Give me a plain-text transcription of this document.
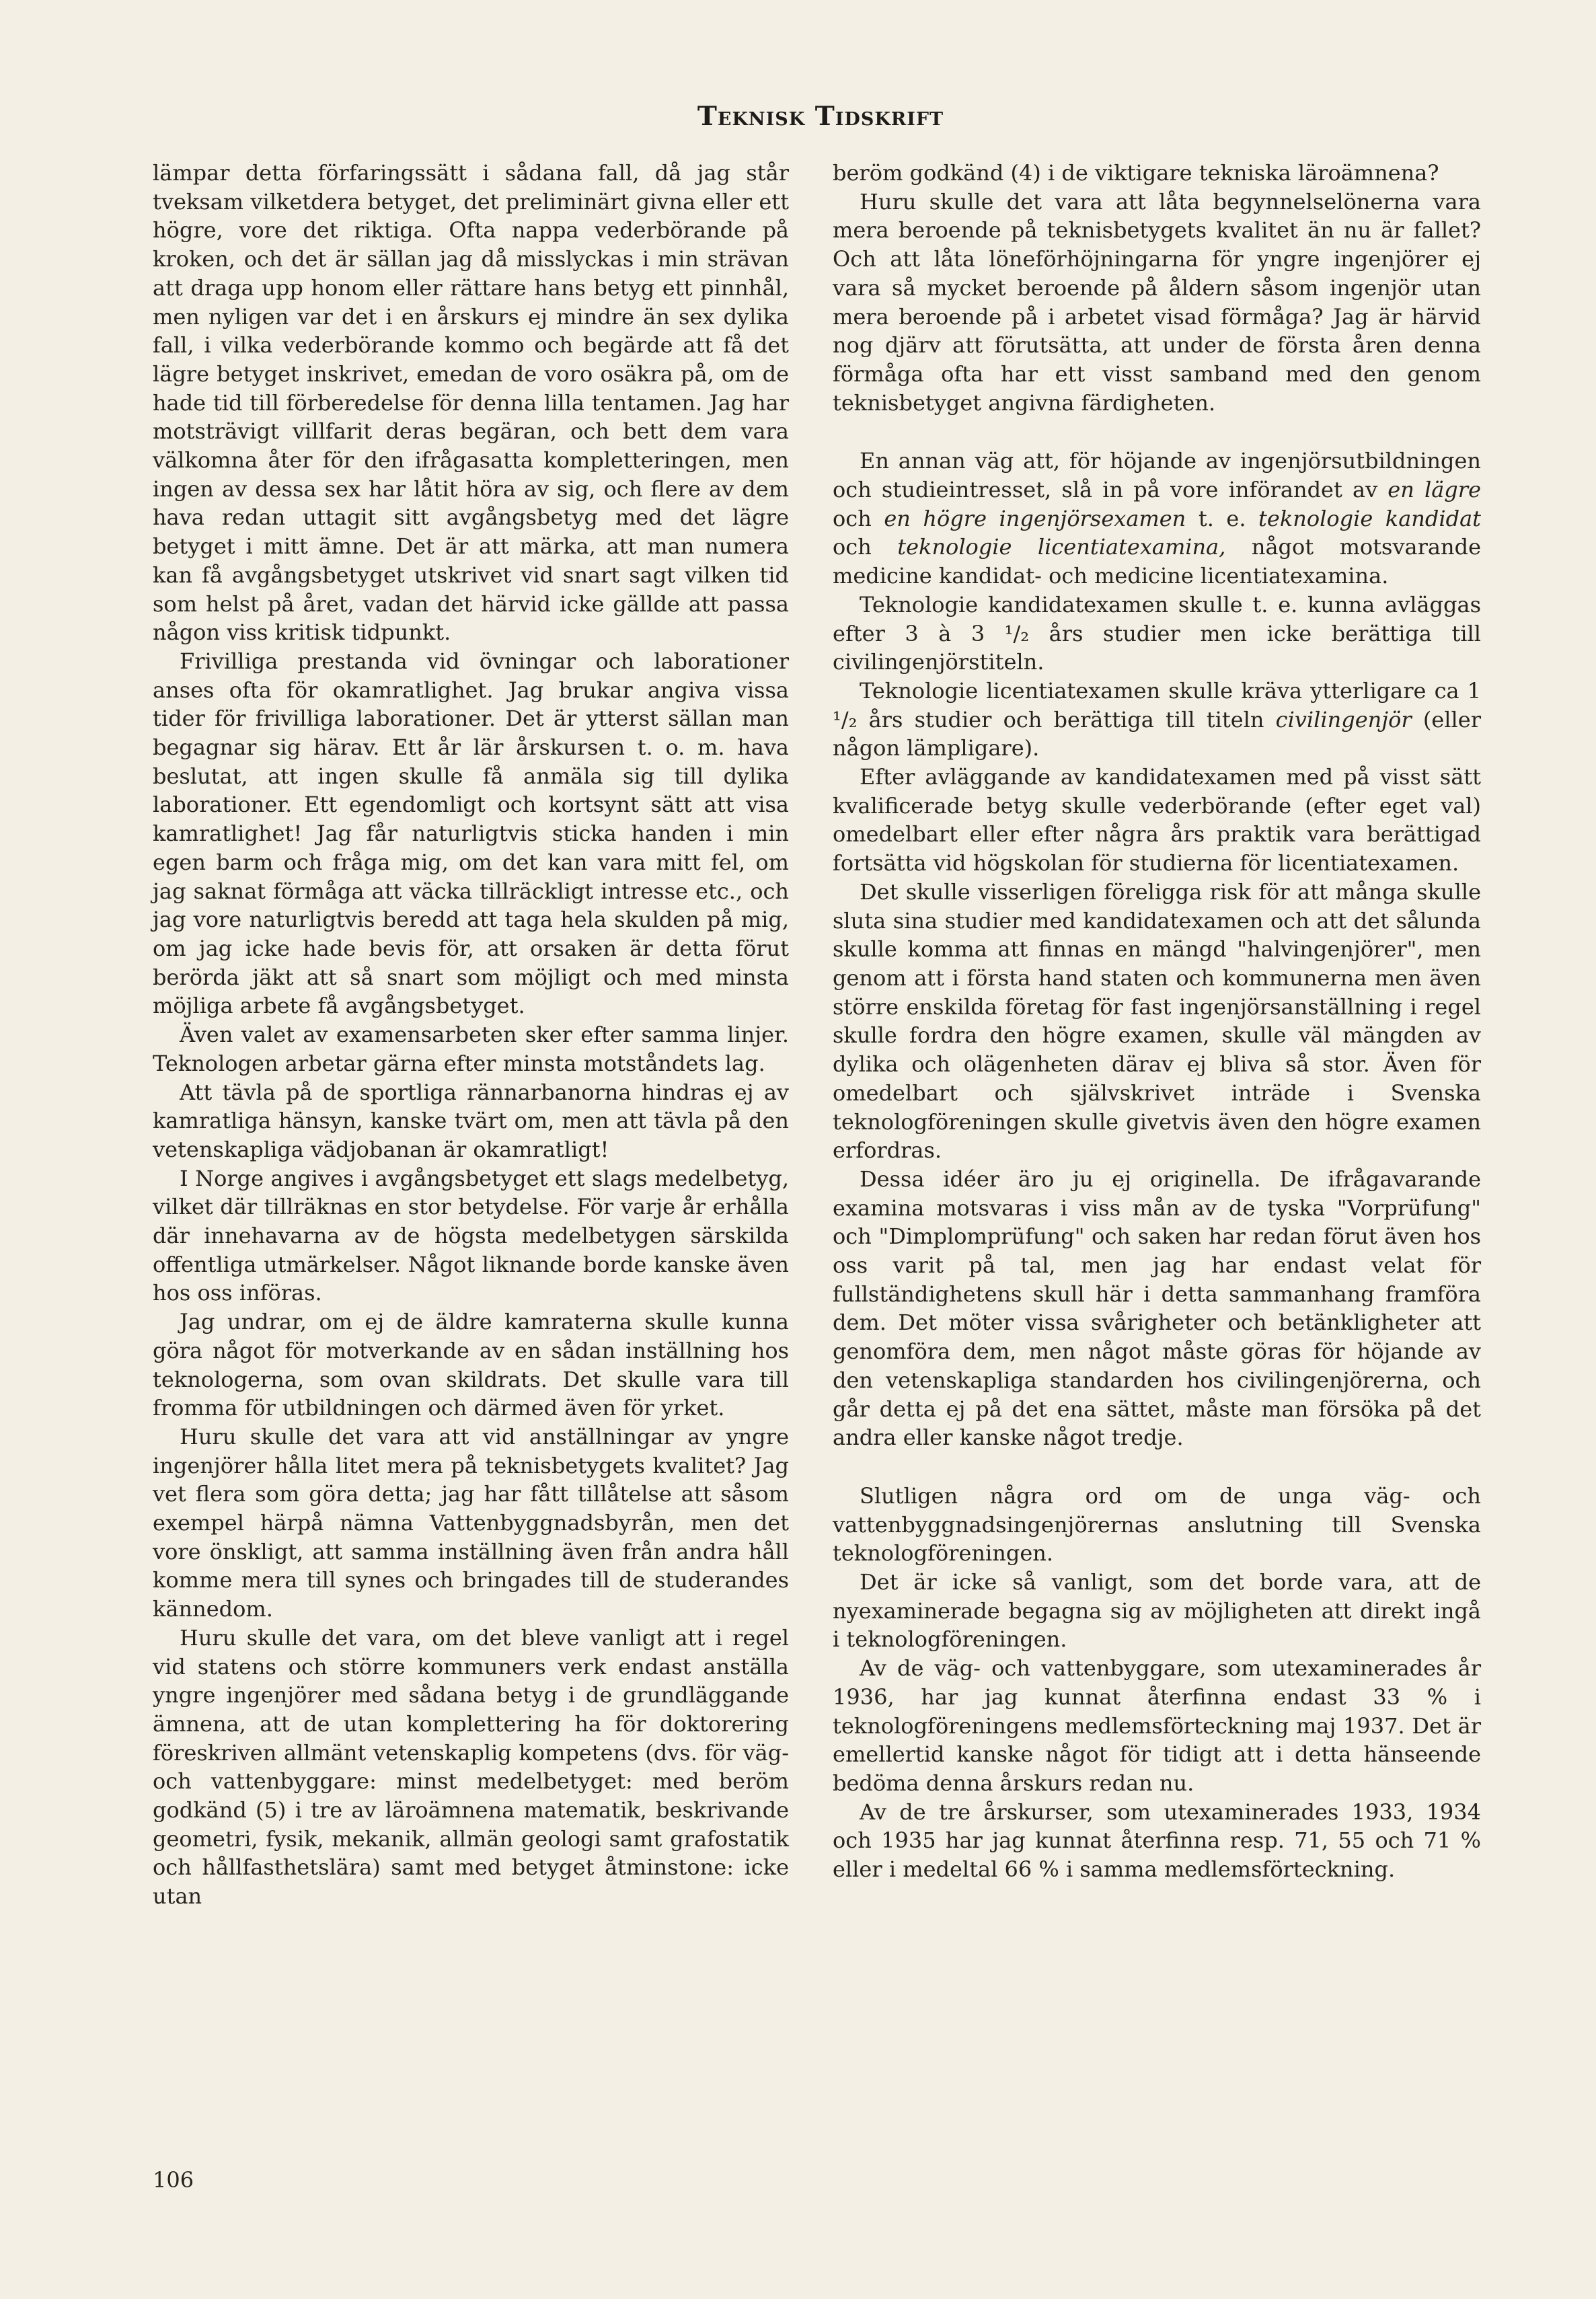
Teknisk Tidskrift

lämpar detta förfaringssätt i sådana fall, då jag står tveksam vilketdera betyget, det preliminärt givna eller ett högre, vore det riktiga. Ofta nappa vederbörande på kroken, och det är sällan jag då misslyckas i min strävan att draga upp honom eller rättare hans betyg ett pinnhål, men nyligen var det i en årskurs ej mindre än sex dylika fall, i vilka vederbörande kommo och begärde att få det lägre betyget inskrivet, emedan de voro osäkra på, om de hade tid till förberedelse för denna lilla tentamen. Jag har motsträvigt villfarit deras begäran, och bett dem vara välkomna åter för den ifrågasatta kompletteringen, men ingen av dessa sex har låtit höra av sig, och flere av dem hava redan uttagit sitt avgångsbetyg med det lägre betyget i mitt ämne. Det är att märka, att man numera kan få avgångsbetyget utskrivet vid snart sagt vilken tid som helst på året, vadan det härvid icke gällde att passa någon viss kritisk tidpunkt.

Frivilliga prestanda vid övningar och laborationer anses ofta för okamratlighet. Jag brukar angiva vissa tider för frivilliga laborationer. Det är ytterst sällan man begagnar sig härav. Ett år lär årskursen t. o. m. hava beslutat, att ingen skulle få anmäla sig till dylika laborationer. Ett egendomligt och kortsynt sätt att visa kamratlighet! Jag får naturligtvis sticka handen i min egen barm och fråga mig, om det kan vara mitt fel, om jag saknat förmåga att väcka tillräckligt intresse etc., och jag vore naturligtvis beredd att taga hela skulden på mig, om jag icke hade bevis för, att orsaken är detta förut berörda jäkt att så snart som möjligt och med minsta möjliga arbete få avgångsbetyget.

Även valet av examensarbeten sker efter samma linjer. Teknologen arbetar gärna efter minsta motståndets lag.

Att tävla på de sportliga rännarbanorna hindras ej av kamratliga hänsyn, kanske tvärt om, men att tävla på den vetenskapliga vädjobanan är okamratligt!

I Norge angives i avgångsbetyget ett slags medelbetyg, vilket där tillräknas en stor betydelse. För varje år erhålla där innehavarna av de högsta medelbetygen särskilda offentliga utmärkelser. Något liknande borde kanske även hos oss införas.

Jag undrar, om ej de äldre kamraterna skulle kunna göra något för motverkande av en sådan inställning hos teknologerna, som ovan skildrats. Det skulle vara till fromma för utbildningen och därmed även för yrket.

Huru skulle det vara att vid anställningar av yngre ingenjörer hålla litet mera på teknisbetygets kvalitet? Jag vet flera som göra detta; jag har fått tillåtelse att såsom exempel härpå nämna Vattenbyggnadsbyrån, men det vore önskligt, att samma inställning även från andra håll komme mera till synes och bringades till de studerandes kännedom.

Huru skulle det vara, om det bleve vanligt att i regel vid statens och större kommuners verk endast anställa yngre ingenjörer med sådana betyg i de grundläggande ämnena, att de utan komplettering ha för doktorering föreskriven allmänt vetenskaplig kompetens (dvs. för väg- och vattenbyggare: minst medelbetyget: med beröm godkänd (5) i tre av läroämnena matematik, beskrivande geometri, fysik, mekanik, allmän geologi samt grafostatik och hållfasthetslära) samt med betyget åtminstone: icke utan

beröm godkänd (4) i de viktigare tekniska läroämnena?

Huru skulle det vara att låta begynnelselönerna vara mera beroende på teknisbetygets kvalitet än nu är fallet? Och att låta löneförhöjningarna för yngre ingenjörer ej vara så mycket beroende på åldern såsom ingenjör utan mera beroende på i arbetet visad förmåga? Jag är härvid nog djärv att förutsätta, att under de första åren denna förmåga ofta har ett visst samband med den genom teknisbetyget angivna färdigheten.

En annan väg att, för höjande av ingenjörsutbildningen och studieintresset, slå in på vore införandet av en lägre och en högre ingenjörsexamen t. e. teknologie kandidat och teknologie licentiatexamina, något motsvarande medicine kandidat- och medicine licentiatexamina.

Teknologie kandidatexamen skulle t. e. kunna avläggas efter 3 à 3 ¹/₂ års studier men icke berättiga till civilingenjörstiteln.

Teknologie licentiatexamen skulle kräva ytterligare ca 1 ¹/₂ års studier och berättiga till titeln civilingenjör (eller någon lämpligare).

Efter avläggande av kandidatexamen med på visst sätt kvalificerade betyg skulle vederbörande (efter eget val) omedelbart eller efter några års praktik vara berättigad fortsätta vid högskolan för studierna för licentiatexamen.

Det skulle visserligen föreligga risk för att många skulle sluta sina studier med kandidatexamen och att det sålunda skulle komma att finnas en mängd "halvingenjörer", men genom att i första hand staten och kommunerna men även större enskilda företag för fast ingenjörsanställning i regel skulle fordra den högre examen, skulle väl mängden av dylika och olägenheten därav ej bliva så stor. Även för omedelbart och självskrivet inträde i Svenska teknologföreningen skulle givetvis även den högre examen erfordras.

Dessa idéer äro ju ej originella. De ifrågavarande examina motsvaras i viss mån av de tyska "Vorprüfung" och "Dimplomprüfung" och saken har redan förut även hos oss varit på tal, men jag har endast velat för fullständighetens skull här i detta sammanhang framföra dem. Det möter vissa svårigheter och betänkligheter att genomföra dem, men något måste göras för höjande av den vetenskapliga standarden hos civilingenjörerna, och går detta ej på det ena sättet, måste man försöka på det andra eller kanske något tredje.

Slutligen några ord om de unga väg- och vattenbyggnadsingenjörernas anslutning till Svenska teknologföreningen.

Det är icke så vanligt, som det borde vara, att de nyexaminerade begagna sig av möjligheten att direkt ingå i teknologföreningen.

Av de väg- och vattenbyggare, som utexaminerades år 1936, har jag kunnat återfinna endast 33 % i teknologföreningens medlemsförteckning maj 1937. Det är emellertid kanske något för tidigt att i detta hänseende bedöma denna årskurs redan nu.

Av de tre årskurser, som utexaminerades 1933, 1934 och 1935 har jag kunnat återfinna resp. 71, 55 och 71 % eller i medeltal 66 % i samma medlemsförteckning.

106
